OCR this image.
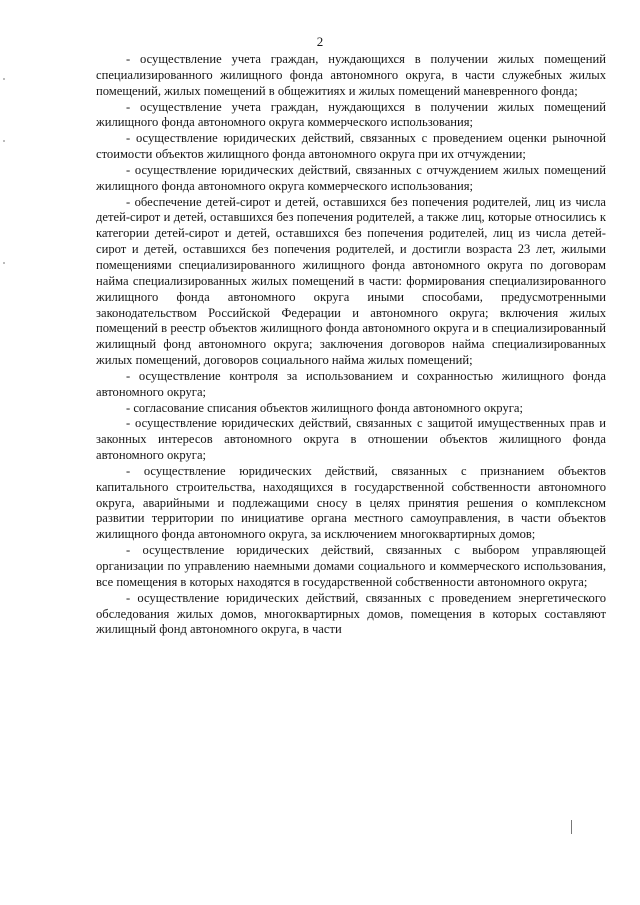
2

- осуществление учета граждан, нуждающихся в получении жилых помещений специализированного жилищного фонда автономного округа, в части служебных жилых помещений, жилых помещений в общежитиях и жилых помещений маневренного фонда;

- осуществление учета граждан, нуждающихся в получении жилых помещений жилищного фонда автономного округа коммерческого использования;

- осуществление юридических действий, связанных с проведением оценки рыночной стоимости объектов жилищного фонда автономного округа при их отчуждении;

- осуществление юридических действий, связанных с отчуждением жилых помещений жилищного фонда автономного округа коммерческого использования;

- обеспечение детей-сирот и детей, оставшихся без попечения родителей, лиц из числа детей-сирот и детей, оставшихся без попечения родителей, а также лиц, которые относились к категории детей-сирот и детей, оставшихся без попечения родителей, лиц из числа детей-сирот и детей, оставшихся без попечения родителей, и достигли возраста 23 лет, жилыми помещениями специализированного жилищного фонда автономного округа по договорам найма специализированных жилых помещений в части: формирования специализированного жилищного фонда автономного округа иными способами, предусмотренными законодательством Российской Федерации и автономного округа; включения жилых помещений в реестр объектов жилищного фонда автономного округа и в специализированный жилищный фонд автономного округа; заключения договоров найма специализированных жилых помещений, договоров социального найма жилых помещений;

- осуществление контроля за использованием и сохранностью жилищного фонда автономного округа;

- согласование списания объектов жилищного фонда автономного округа;

- осуществление юридических действий, связанных с защитой имущественных прав и законных интересов автономного округа в отношении объектов жилищного фонда автономного округа;

- осуществление юридических действий, связанных с признанием объектов капитального строительства, находящихся в государственной собственности автономного округа, аварийными и подлежащими сносу в целях принятия решения о комплексном развитии территории по инициативе органа местного самоуправления, в части объектов жилищного фонда автономного округа, за исключением многоквартирных домов;

- осуществление юридических действий, связанных с выбором управляющей организации по управлению наемными домами социального и коммерческого использования, все помещения в которых находятся в государственной собственности автономного округа;

- осуществление юридических действий, связанных с проведением энергетического обследования жилых домов, многоквартирных домов, помещения в которых составляют жилищный фонд автономного округа, в части
